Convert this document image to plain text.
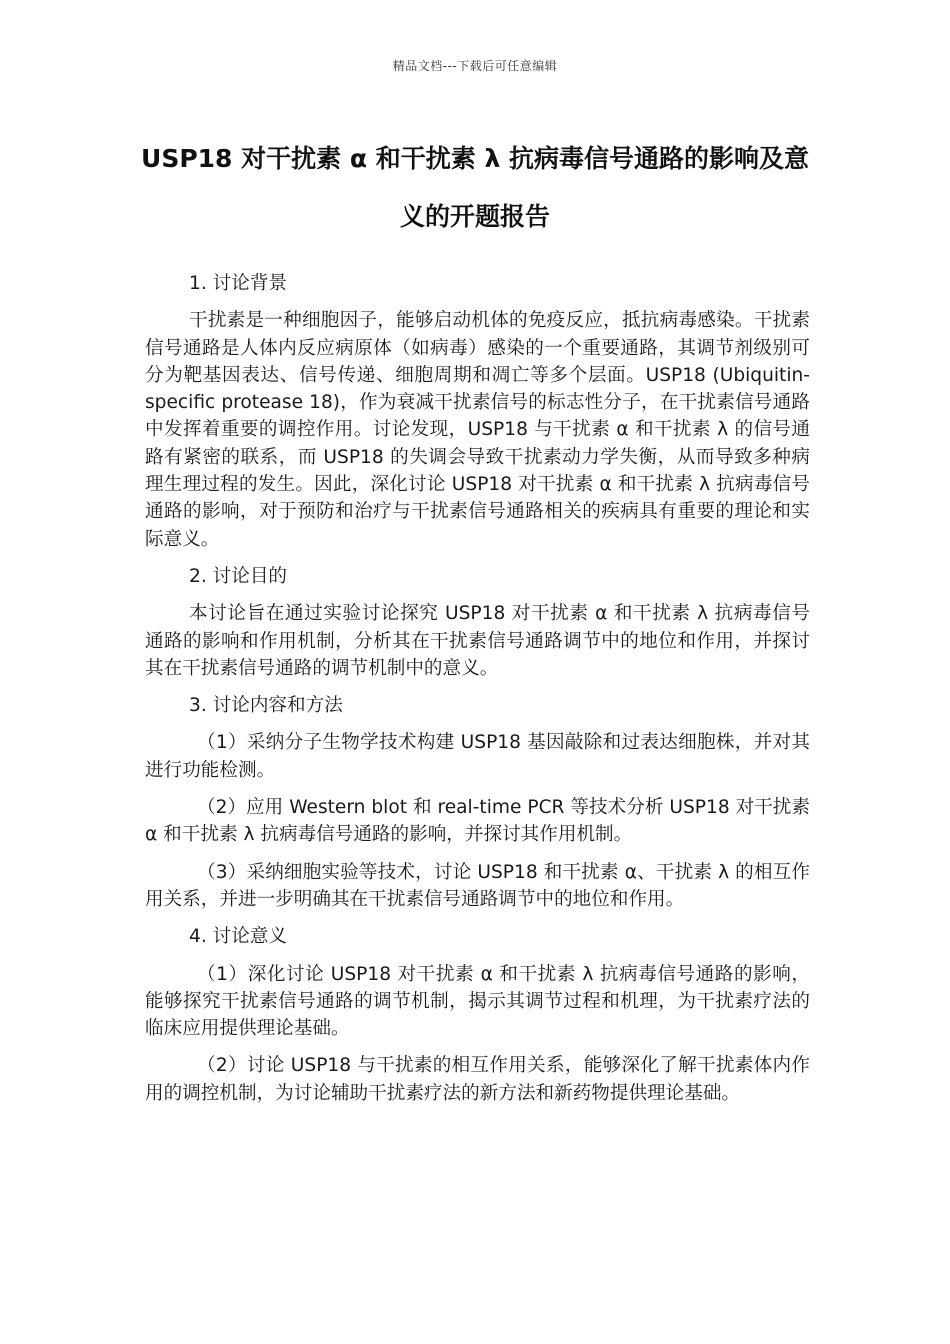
精品文档---下载后可任意编辑
USP18 对干扰素 α 和干扰素 λ 抗病毒信号通路的影响及意义的开题报告
1. 讨论背景

干扰素是一种细胞因子，能够启动机体的免疫反应，抵抗病毒感染。干扰素信号通路是人体内反应病原体（如病毒）感染的一个重要通路，其调节剂级别可分为靶基因表达、信号传递、细胞周期和凋亡等多个层面。USP18 (Ubiquitin-specific protease 18)，作为衰减干扰素信号的标志性分子，在干扰素信号通路中发挥着重要的调控作用。讨论发现，USP18 与干扰素 α 和干扰素 λ 的信号通路有紧密的联系，而 USP18 的失调会导致干扰素动力学失衡，从而导致多种病理生理过程的发生。因此，深化讨论 USP18 对干扰素 α 和干扰素 λ 抗病毒信号通路的影响，对于预防和治疗与干扰素信号通路相关的疾病具有重要的理论和实际意义。

2. 讨论目的

本讨论旨在通过实验讨论探究 USP18 对干扰素 α 和干扰素 λ 抗病毒信号通路的影响和作用机制，分析其在干扰素信号通路调节中的地位和作用，并探讨其在干扰素信号通路的调节机制中的意义。

3. 讨论内容和方法

（1）采纳分子生物学技术构建 USP18 基因敲除和过表达细胞株，并对其进行功能检测。

（2）应用 Western blot 和 real-time PCR 等技术分析 USP18 对干扰素 α 和干扰素 λ 抗病毒信号通路的影响，并探讨其作用机制。

（3）采纳细胞实验等技术，讨论 USP18 和干扰素 α、干扰素 λ 的相互作用关系，并进一步明确其在干扰素信号通路调节中的地位和作用。

4. 讨论意义

（1）深化讨论 USP18 对干扰素 α 和干扰素 λ 抗病毒信号通路的影响，能够探究干扰素信号通路的调节机制，揭示其调节过程和机理，为干扰素疗法的临床应用提供理论基础。

（2）讨论 USP18 与干扰素的相互作用关系，能够深化了解干扰素体内作用的调控机制，为讨论辅助干扰素疗法的新方法和新药物提供理论基础。
